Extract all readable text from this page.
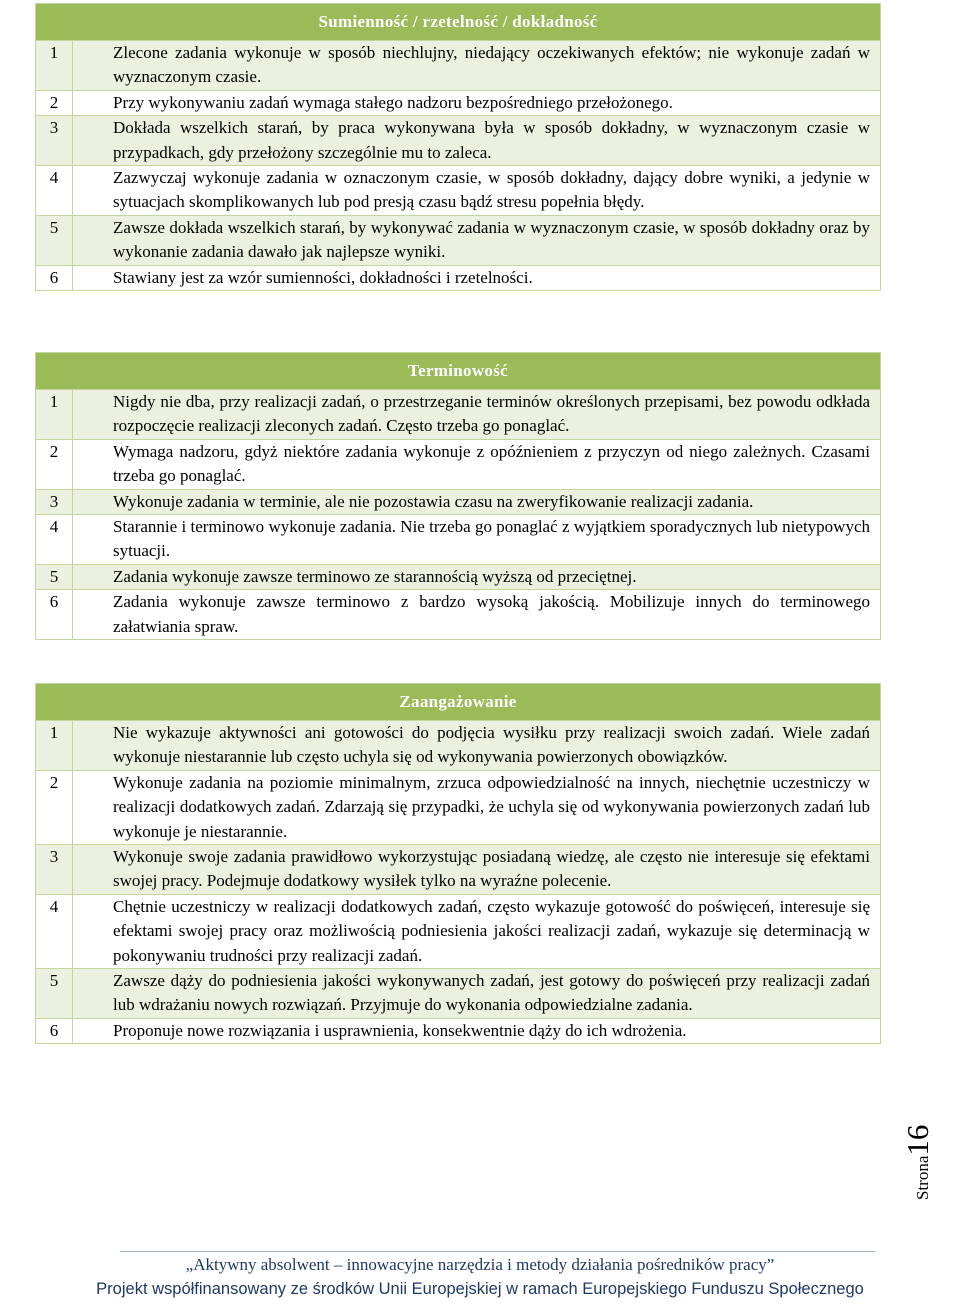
Sumienność / rzetelność / dokładność	
1	Zlecone zadania wykonuje w sposób niechlujny, niedający oczekiwanych efektów; nie wykonuje zadań w wyznaczonym czasie.
2	Przy wykonywaniu zadań wymaga stałego nadzoru bezpośredniego przełożonego.
3	Dokłada wszelkich starań, by praca wykonywana była w sposób dokładny, w wyznaczonym czasie w przypadkach, gdy przełożony szczególnie mu to zaleca.
4	Zazwyczaj wykonuje zadania w oznaczonym czasie, w sposób dokładny, dający dobre wyniki, a jedynie w sytuacjach skomplikowanych lub pod presją czasu bądź stresu popełnia błędy.
5	Zawsze dokłada wszelkich starań, by wykonywać zadania w wyznaczonym czasie, w sposób dokładny oraz by wykonanie zadania dawało jak najlepsze wyniki.
6	Stawiany jest za wzór sumienności, dokładności i rzetelności.
Terminowość	
1	Nigdy nie dba, przy realizacji zadań, o przestrzeganie terminów określonych przepisami, bez powodu odkłada rozpoczęcie realizacji zleconych zadań. Często trzeba go ponaglać.
2	Wymaga nadzoru, gdyż niektóre zadania wykonuje z opóźnieniem z przyczyn od niego zależnych. Czasami trzeba go ponaglać.
3	Wykonuje zadania w terminie, ale nie pozostawia czasu na zweryfikowanie realizacji zadania.
4	Starannie i terminowo wykonuje zadania. Nie trzeba go ponaglać z wyjątkiem sporadycznych lub nietypowych sytuacji.
5	Zadania wykonuje zawsze terminowo ze starannością wyższą od przeciętnej.
6	Zadania wykonuje zawsze terminowo z bardzo wysoką jakością. Mobilizuje innych do terminowego załatwiania spraw.
Zaangażowanie	
1	Nie wykazuje aktywności ani gotowości do podjęcia wysiłku przy realizacji swoich zadań. Wiele zadań wykonuje niestarannie lub często uchyla się od wykonywania powierzonych obowiązków.
2	Wykonuje zadania na poziomie minimalnym, zrzuca odpowiedzialność na innych, niechętnie uczestniczy w realizacji dodatkowych zadań. Zdarzają się przypadki, że uchyla się od wykonywania powierzonych zadań lub wykonuje je niestarannie.
3	Wykonuje swoje zadania prawidłowo wykorzystując posiadaną wiedzę, ale często nie interesuje się efektami swojej pracy. Podejmuje dodatkowy wysiłek tylko na wyraźne polecenie.
4	Chętnie uczestniczy w realizacji dodatkowych zadań, często wykazuje gotowość do poświęceń, interesuje się efektami swojej pracy oraz możliwością podniesienia jakości realizacji zadań, wykazuje się determinacją w pokonywaniu trudności przy realizacji zadań.
5	Zawsze dąży do podniesienia jakości wykonywanych zadań, jest gotowy do poświęceń przy realizacji zadań lub wdrażaniu nowych rozwiązań. Przyjmuje do wykonania odpowiedzialne zadania.
6	Proponuje nowe rozwiązania i usprawnienia, konsekwentnie dąży do ich wdrożenia.
Strona16
„Aktywny absolwent – innowacyjne narzędzia i metody działania pośredników pracy”
Projekt współfinansowany ze środków Unii Europejskiej w ramach Europejskiego Funduszu Społecznego
